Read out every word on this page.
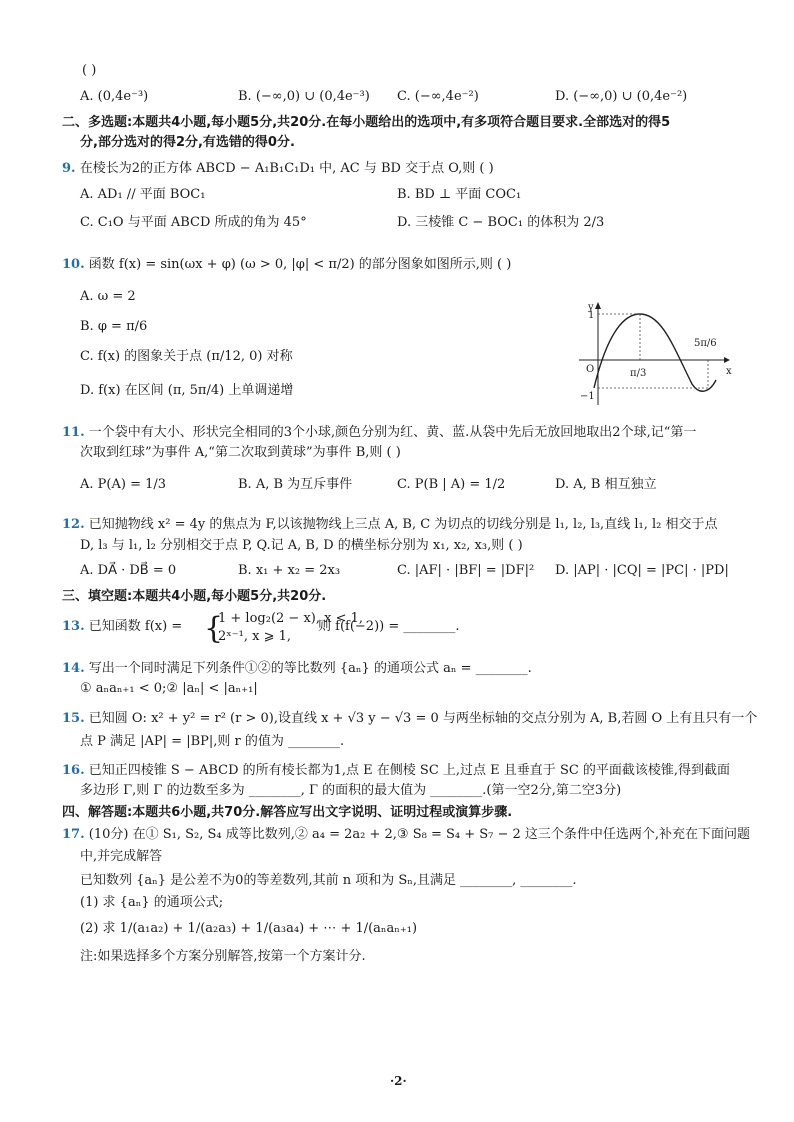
( )
A. (0,4e⁻³)	B. (−∞,0) ∪ (0,4e⁻³) C. (−∞,4e⁻²)	D. (−∞,0) ∪ (0,4e⁻²)
二、多选题:本题共4小题,每小题5分,共20分.在每小题给出的选项中,有多项符合题目要求.全部选对的得5
分,部分选对的得2分,有选错的得0分.
9. 在棱长为2的正方体 ABCD − A₁B₁C₁D₁ 中, AC 与 BD 交于点 O,则 ( )
A. AD₁ // 平面 BOC₁	B. BD ⊥ 平面 COC₁
C. C₁O 与平面 ABCD 所成的角为 45°	D. 三棱锥 C − BOC₁ 的体积为 2/3
10. 函数 f(x) = sin(ωx + φ) (ω > 0, |φ| < π/2) 的部分图象如图所示,则 ( )
A. ω = 2
B. φ = π/6
C. f(x) 的图象关于点 (π/12, 0) 对称
D. f(x) 在区间 (π, 5π/4) 上单调递增
y
x
O
1
−1
π/3
5π/6
11. 一个袋中有大小、形状完全相同的3个小球,颜色分别为红、黄、蓝.从袋中先后无放回地取出2个球,记“第一
次取到红球”为事件 A,“第二次取到黄球”为事件 B,则 ( )
A. P(A) = 1/3	B. A, B 为互斥事件	C. P(B | A) = 1/2	D. A, B 相互独立
12. 已知抛物线 x² = 4y 的焦点为 F,以该抛物线上三点 A, B, C 为切点的切线分别是 l₁, l₂, l₃,直线 l₁, l₂ 相交于点
D, l₃ 与 l₁, l₂ 分别相交于点 P, Q.记 A, B, D 的横坐标分别为 x₁, x₂, x₃,则 ( )
A. DA⃗ · DB⃗ = 0	B. x₁ + x₂ = 2x₃	C. |AF| · |BF| = |DF|² D. |AP| · |CQ| = |PC| · |PD|
三、填空题:本题共4小题,每小题5分,共20分.
13. 已知函数 f(x) = {
1 + log₂(2 − x), x < 1,
2ˣ⁻¹, x ⩾ 1,
则 f(f(−2)) = ________.
14. 写出一个同时满足下列条件①②的等比数列 {aₙ} 的通项公式 aₙ = ________.
① aₙaₙ₊₁ < 0;② |aₙ| < |aₙ₊₁|
15. 已知圆 O: x² + y² = r² (r > 0),设直线 x + √3 y − √3 = 0 与两坐标轴的交点分别为 A, B,若圆 O 上有且只有一个
点 P 满足 |AP| = |BP|,则 r 的值为 ________.
16. 已知正四棱锥 S − ABCD 的所有棱长都为1,点 E 在侧棱 SC 上,过点 E 且垂直于 SC 的平面截该棱锥,得到截面
多边形 Γ,则 Γ 的边数至多为 ________, Γ 的面积的最大值为 ________.(第一空2分,第二空3分)
四、解答题:本题共6小题,共70分.解答应写出文字说明、证明过程或演算步骤.
17. (10分) 在① S₁, S₂, S₄ 成等比数列,② a₄ = 2a₂ + 2,③ S₈ = S₄ + S₇ − 2 这三个条件中任选两个,补充在下面问题
中,并完成解答
已知数列 {aₙ} 是公差不为0的等差数列,其前 n 项和为 Sₙ,且满足 ________, ________.
(1) 求 {aₙ} 的通项公式;
(2) 求 1/(a₁a₂) + 1/(a₂a₃) + 1/(a₃a₄) + ⋯ + 1/(aₙaₙ₊₁)
注:如果选择多个方案分别解答,按第一个方案计分.
·2·
